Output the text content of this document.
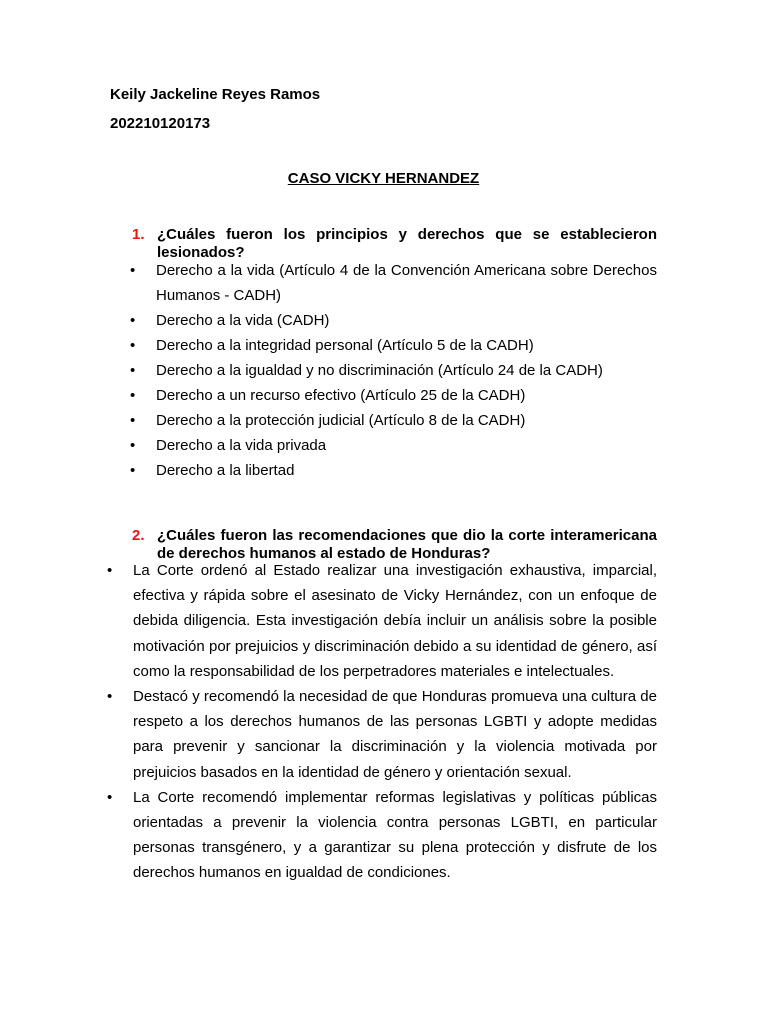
Keily Jackeline Reyes Ramos
202210120173
CASO VICKY HERNANDEZ
1. ¿Cuáles fueron los principios y derechos que se establecieron lesionados?
• Derecho a la vida (Artículo 4 de la Convención Americana sobre Derechos Humanos - CADH)
• Derecho a la vida (CADH)
• Derecho a la integridad personal (Artículo 5 de la CADH)
• Derecho a la igualdad y no discriminación (Artículo 24 de la CADH)
• Derecho a un recurso efectivo (Artículo 25 de la CADH)
• Derecho a la protección judicial (Artículo 8 de la CADH)
• Derecho a la vida privada
• Derecho a la libertad
2. ¿Cuáles fueron las recomendaciones que dio la corte interamericana de derechos humanos al estado de Honduras?
• La Corte ordenó al Estado realizar una investigación exhaustiva, imparcial, efectiva y rápida sobre el asesinato de Vicky Hernández, con un enfoque de debida diligencia. Esta investigación debía incluir un análisis sobre la posible motivación por prejuicios y discriminación debido a su identidad de género, así como la responsabilidad de los perpetradores materiales e intelectuales.
• Destacó y recomendó la necesidad de que Honduras promueva una cultura de respeto a los derechos humanos de las personas LGBTI y adopte medidas para prevenir y sancionar la discriminación y la violencia motivada por prejuicios basados en la identidad de género y orientación sexual.
• La Corte recomendó implementar reformas legislativas y políticas públicas orientadas a prevenir la violencia contra personas LGBTI, en particular personas transgénero, y a garantizar su plena protección y disfrute de los derechos humanos en igualdad de condiciones.
